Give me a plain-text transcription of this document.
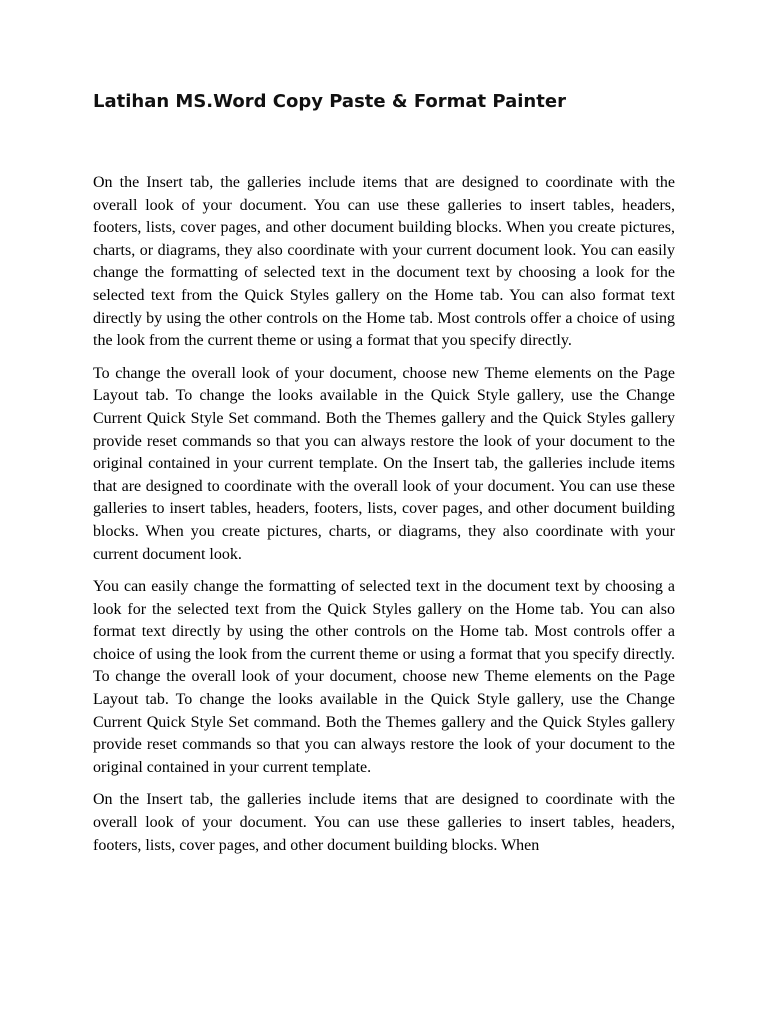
Latihan MS.Word Copy Paste & Format Painter

On the Insert tab, the galleries include items that are designed to coordinate with the overall look of your document. You can use these galleries to insert tables, headers, footers, lists, cover pages, and other document building blocks. When you create pictures, charts, or diagrams, they also coordinate with your current document look. You can easily change the formatting of selected text in the document text by choosing a look for the selected text from the Quick Styles gallery on the Home tab. You can also format text directly by using the other controls on the Home tab. Most controls offer a choice of using the look from the current theme or using a format that you specify directly.

To change the overall look of your document, choose new Theme elements on the Page Layout tab. To change the looks available in the Quick Style gallery, use the Change Current Quick Style Set command. Both the Themes gallery and the Quick Styles gallery provide reset commands so that you can always restore the look of your document to the original contained in your current template. On the Insert tab, the galleries include items that are designed to coordinate with the overall look of your document. You can use these galleries to insert tables, headers, footers, lists, cover pages, and other document building blocks. When you create pictures, charts, or diagrams, they also coordinate with your current document look.

You can easily change the formatting of selected text in the document text by choosing a look for the selected text from the Quick Styles gallery on the Home tab. You can also format text directly by using the other controls on the Home tab. Most controls offer a choice of using the look from the current theme or using a format that you specify directly. To change the overall look of your document, choose new Theme elements on the Page Layout tab. To change the looks available in the Quick Style gallery, use the Change Current Quick Style Set command. Both the Themes gallery and the Quick Styles gallery provide reset commands so that you can always restore the look of your document to the original contained in your current template.

On the Insert tab, the galleries include items that are designed to coordinate with the overall look of your document. You can use these galleries to insert tables, headers, footers, lists, cover pages, and other document building blocks. When
